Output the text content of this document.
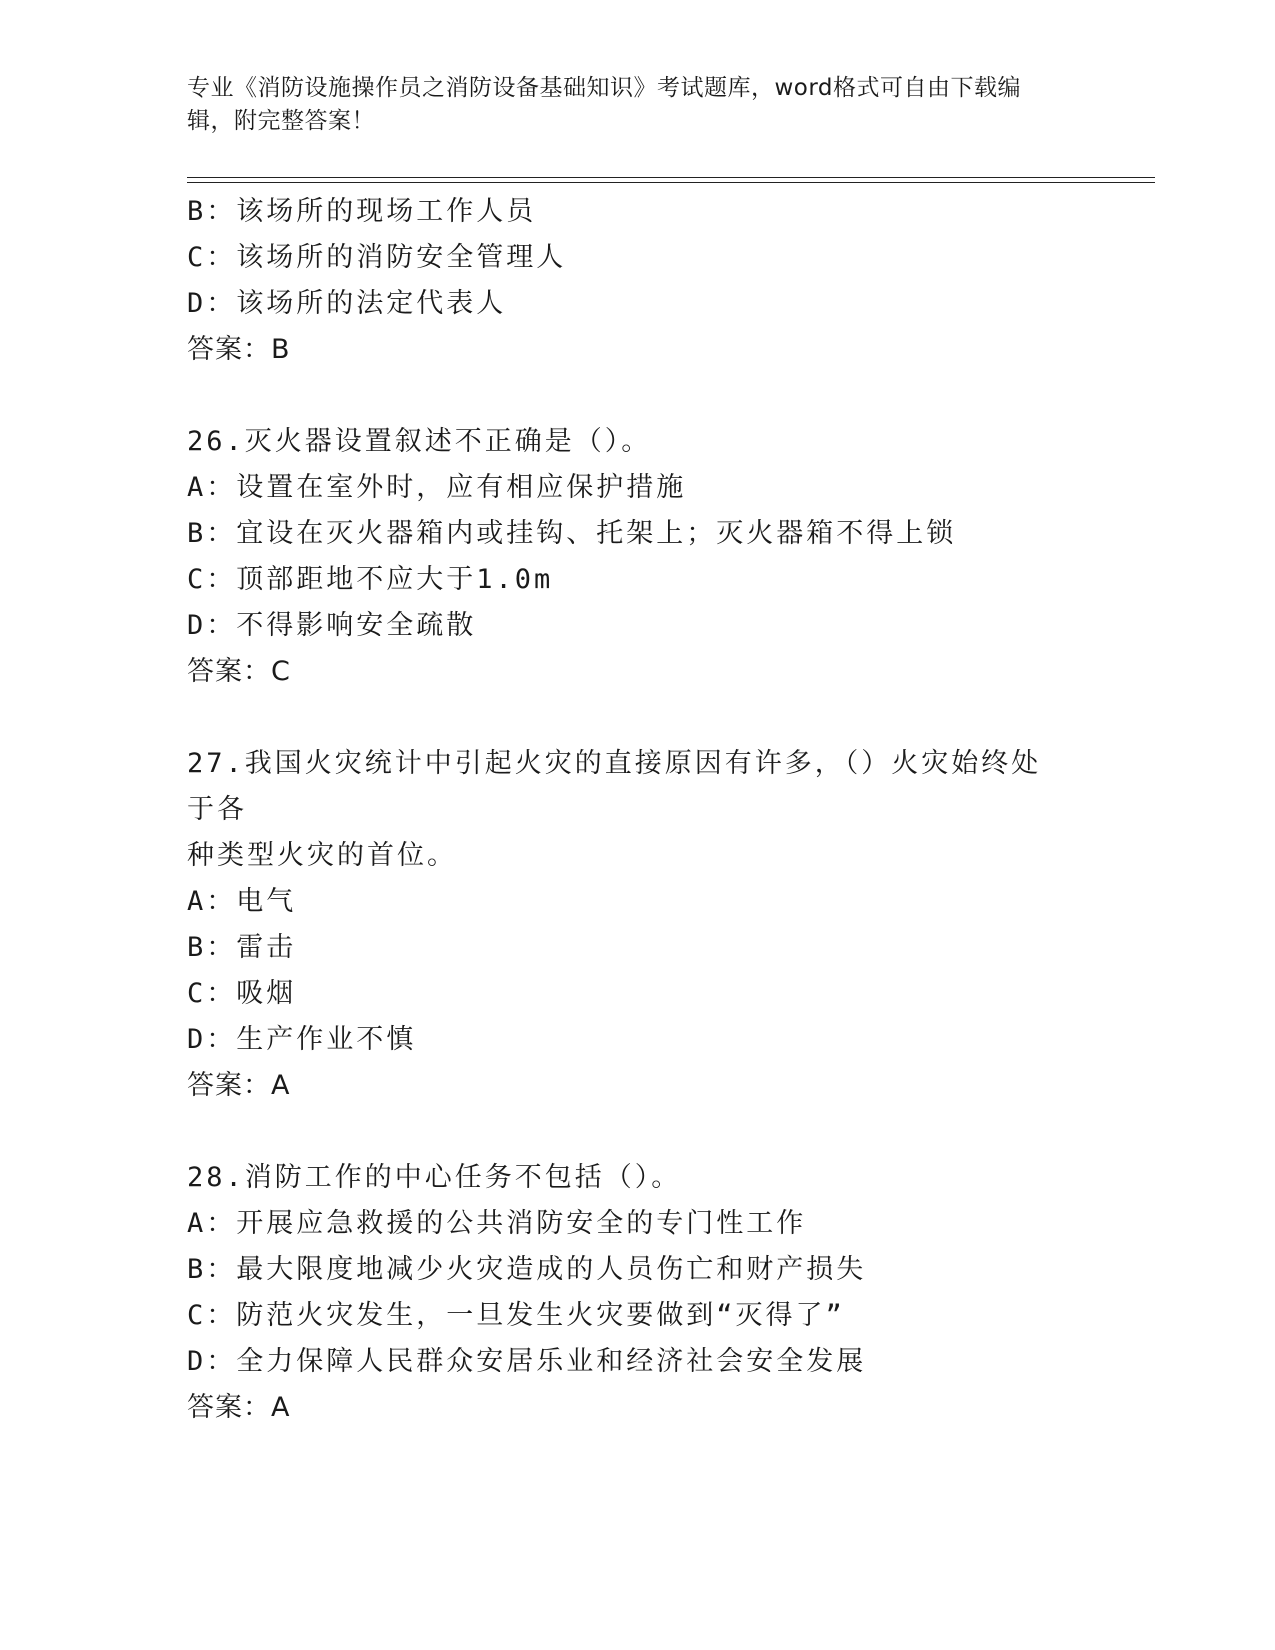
专业《消防设施操作员之消防设备基础知识》考试题库，word格式可自由下载编
辑，附完整答案！
B：该场所的现场工作人员
C：该场所的消防安全管理人
D：该场所的法定代表人
答案：B
26.灭火器设置叙述不正确是（）。
A：设置在室外时，应有相应保护措施
B：宜设在灭火器箱内或挂钩、托架上；灭火器箱不得上锁
C：顶部距地不应大于1.0m
D：不得影响安全疏散
答案：C
27.我国火灾统计中引起火灾的直接原因有许多，（）火灾始终处于各
种类型火灾的首位。
A：电气
B：雷击
C：吸烟
D：生产作业不慎
答案：A
28.消防工作的中心任务不包括（）。
A：开展应急救援的公共消防安全的专门性工作
B：最大限度地减少火灾造成的人员伤亡和财产损失
C：防范火灾发生，一旦发生火灾要做到“灭得了”
D：全力保障人民群众安居乐业和经济社会安全发展
答案：A
